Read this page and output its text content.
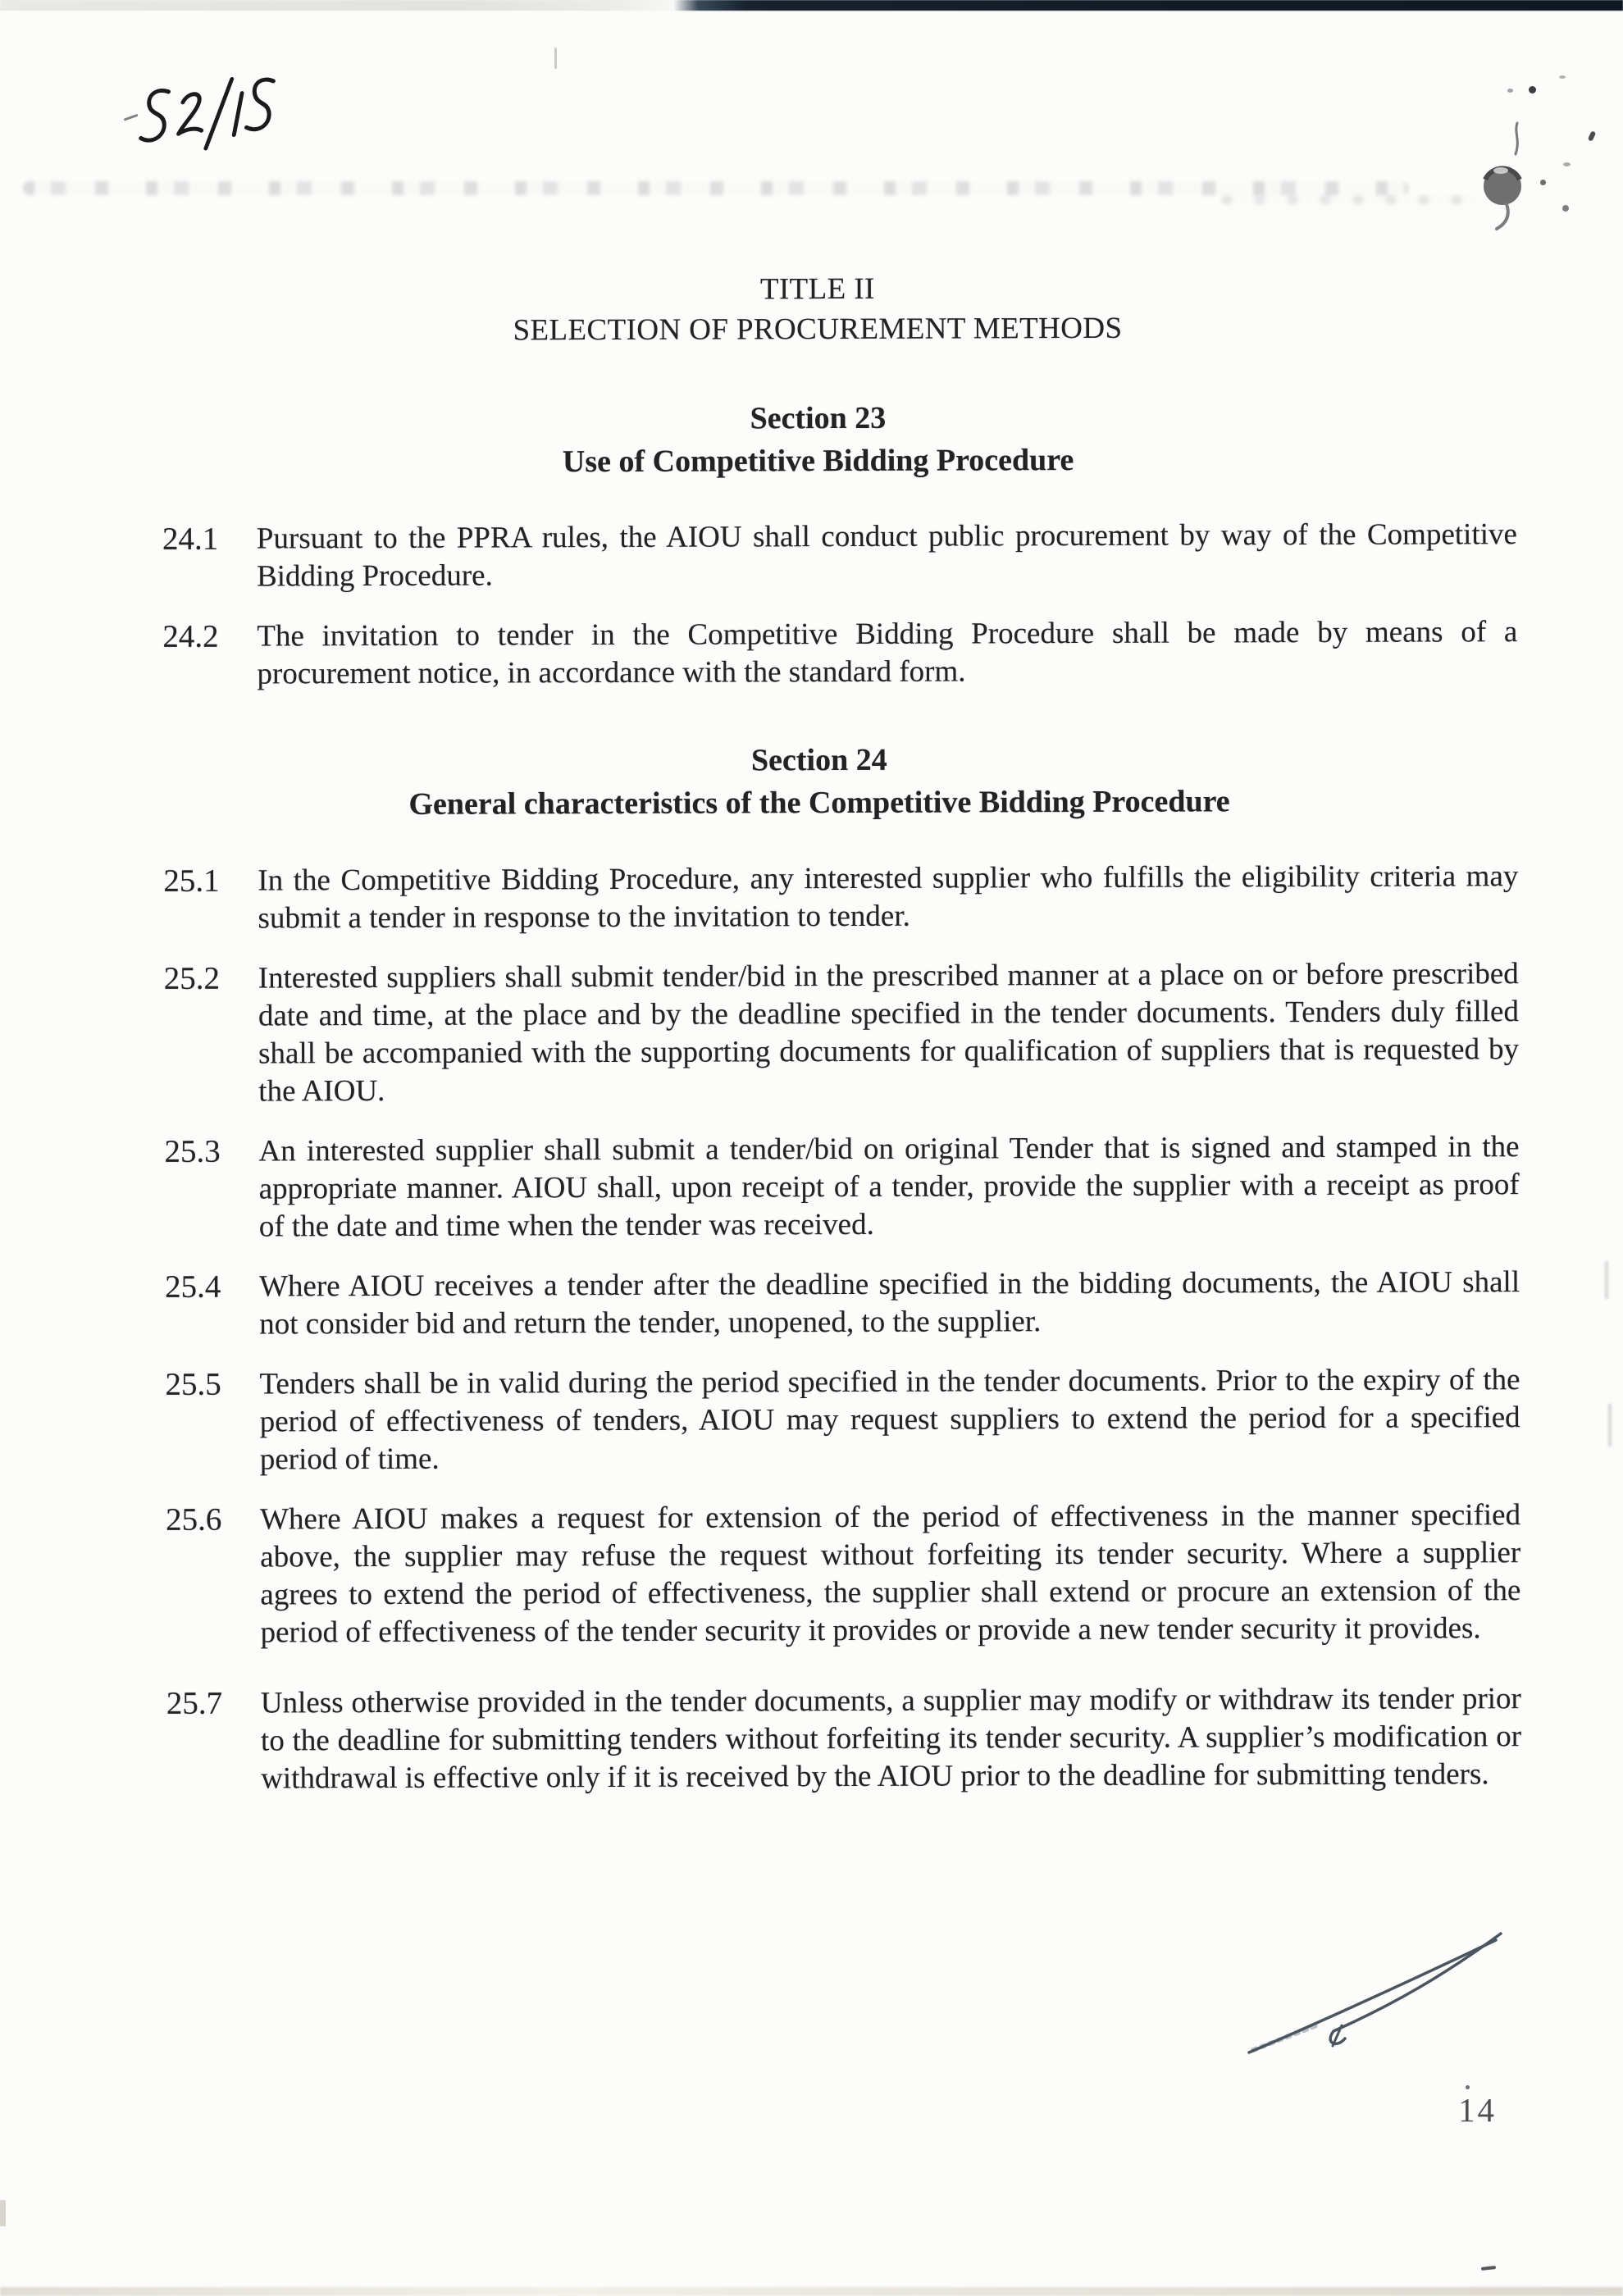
TITLE II
SELECTION OF PROCUREMENT METHODS
Section 23
Use of Competitive Bidding Procedure
24.1	Pursuant to the PPRA rules, the AIOU shall conduct public procurement by way of the Competitive Bidding Procedure.
24.2	The invitation to tender in the Competitive Bidding Procedure shall be made by means of a procurement notice, in accordance with the standard form.
Section 24
General characteristics of the Competitive Bidding Procedure
25.1	In the Competitive Bidding Procedure, any interested supplier who fulfills the eligibility criteria may submit a tender in response to the invitation to tender.
25.2	Interested suppliers shall submit tender/bid in the prescribed manner at a place on or before prescribed date and time, at the place and by the deadline specified in the tender documents. Tenders duly filled shall be accompanied with the supporting documents for qualification of suppliers that is requested by the AIOU.
25.3	An interested supplier shall submit a tender/bid on original Tender that is signed and stamped in the appropriate manner. AIOU shall, upon receipt of a tender, provide the supplier with a receipt as proof of the date and time when the tender was received.
25.4	Where AIOU receives a tender after the deadline specified in the bidding documents, the AIOU shall not consider bid and return the tender, unopened, to the supplier.
25.5	Tenders shall be in valid during the period specified in the tender documents. Prior to the expiry of the period of effectiveness of tenders, AIOU may request suppliers to extend the period for a specified period of time.
25.6	Where AIOU makes a request for extension of the period of effectiveness in the manner specified above, the supplier may refuse the request without forfeiting its tender security. Where a supplier agrees to extend the period of effectiveness, the supplier shall extend or procure an extension of the period of effectiveness of the tender security it provides or provide a new tender security it provides.
25.7	Unless otherwise provided in the tender documents, a supplier may modify or withdraw its tender prior to the deadline for submitting tenders without forfeiting its tender security. A supplier’s modification or withdrawal is effective only if it is received by the AIOU prior to the deadline for submitting tenders.
14
